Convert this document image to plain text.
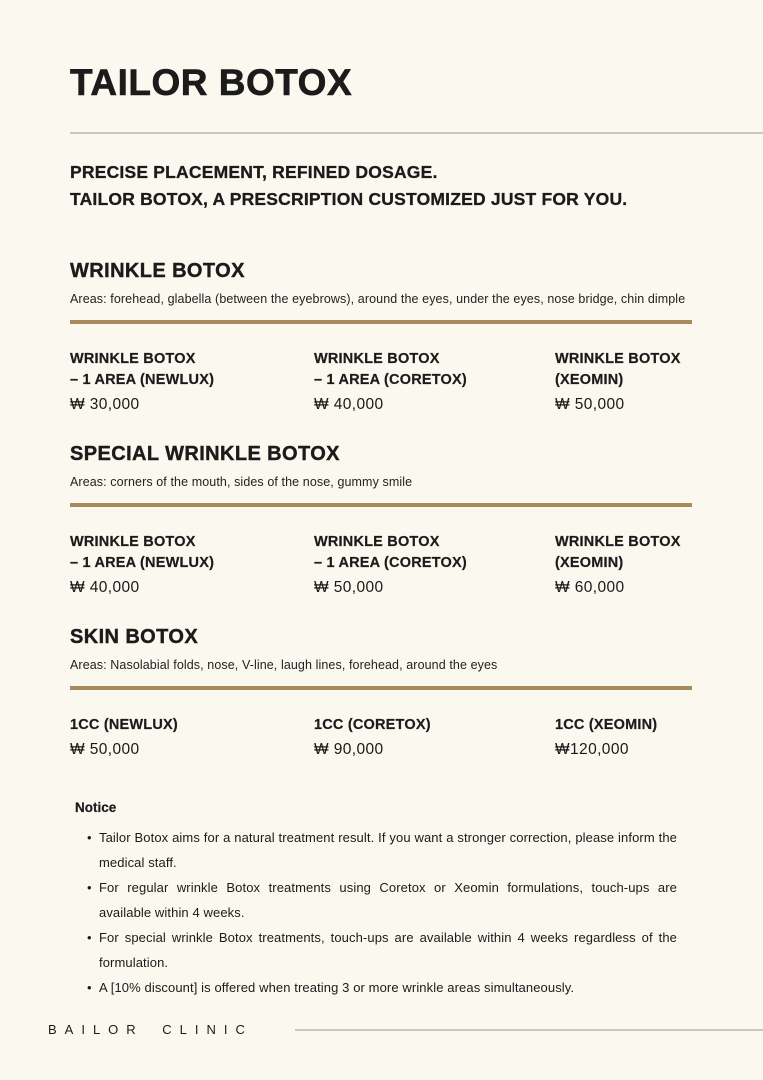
TAILOR BOTOX
PRECISE PLACEMENT, REFINED DOSAGE.
TAILOR BOTOX, A PRESCRIPTION CUSTOMIZED JUST FOR YOU.
WRINKLE BOTOX

Areas: forehead, glabella (between the eyebrows), around the eyes, under the eyes, nose bridge, chin dimple

WRINKLE BOTOX
– 1 AREA (NEWLUX)
₩ 30,000
WRINKLE BOTOX
– 1 AREA (CORETOX)
₩ 40,000
WRINKLE BOTOX
(XEOMIN)
₩ 50,000
SPECIAL WRINKLE BOTOX

Areas: corners of the mouth, sides of the nose, gummy smile

WRINKLE BOTOX
– 1 AREA (NEWLUX)
₩ 40,000
WRINKLE BOTOX
– 1 AREA (CORETOX)
₩ 50,000
WRINKLE BOTOX
(XEOMIN)
₩ 60,000
SKIN BOTOX

Areas: Nasolabial folds, nose, V-line, laugh lines, forehead, around the eyes

1CC (NEWLUX)
₩ 50,000
1CC (CORETOX)
₩ 90,000
1CC (XEOMIN)
₩120,000
Notice
• Tailor Botox aims for a natural treatment result. If you want a stronger correction, please inform the medical staff.
• For regular wrinkle Botox treatments using Coretox or Xeomin formulations, touch-ups are available within 4 weeks.
• For special wrinkle Botox treatments, touch-ups are available within 4 weeks regardless of the formulation.
• A [10% discount] is offered when treating 3 or more wrinkle areas simultaneously.
BAILOR CLINIC
